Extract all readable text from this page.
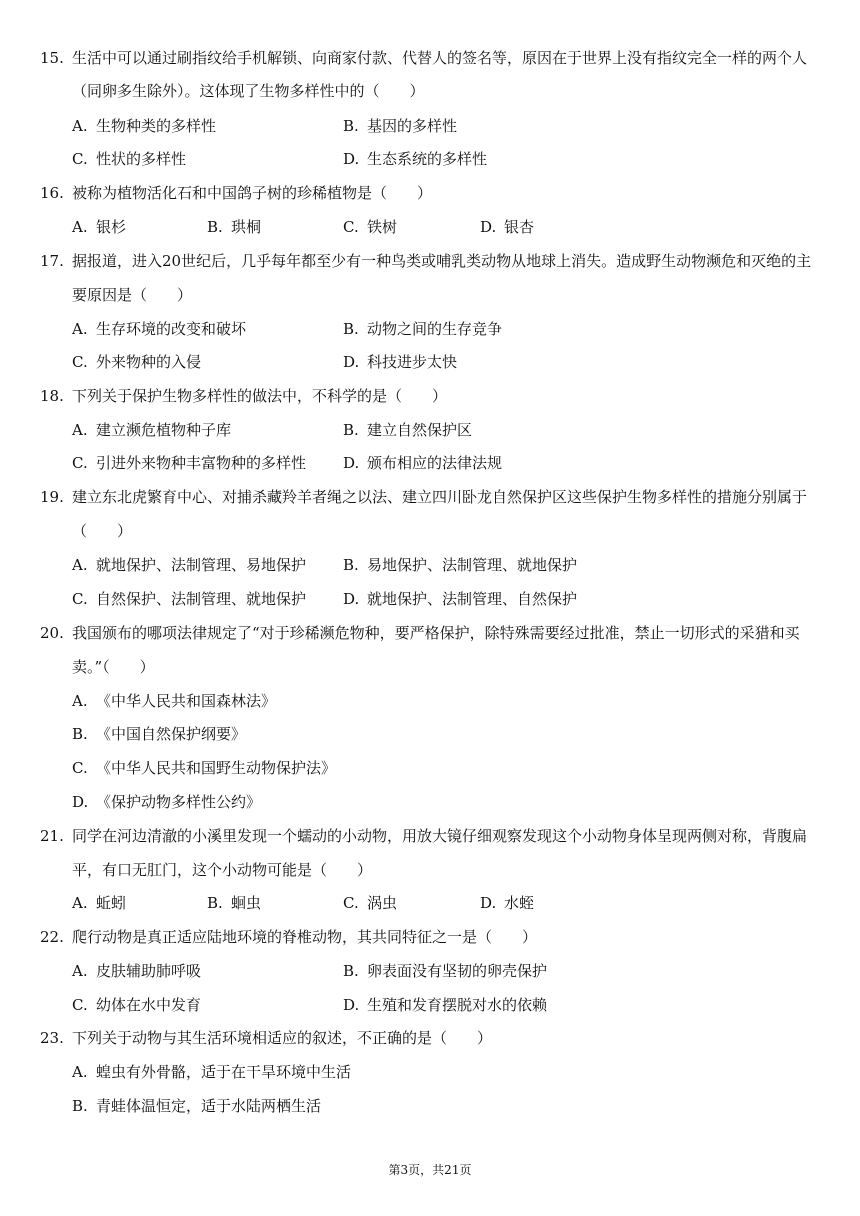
15. 生活中可以通过刷指纹给手机解锁、向商家付款、代替人的签名等，原因在于世界上没有指纹完全一样的两个人
（同卵多生除外）。这体现了生物多样性中的（　　）
A. 生物种类的多样性	B. 基因的多样性
C. 性状的多样性	D. 生态系统的多样性
16. 被称为植物活化石和中国鸽子树的珍稀植物是（　　）
A. 银杉	B. 珙桐	C. 铁树	D. 银杏
17. 据报道，进入20世纪后，几乎每年都至少有一种鸟类或哺乳类动物从地球上消失。造成野生动物濒危和灭绝的主
要原因是（　　）
A. 生存环境的改变和破坏	B. 动物之间的生存竞争
C. 外来物种的入侵	D. 科技进步太快
18. 下列关于保护生物多样性的做法中，不科学的是（　　）
A. 建立濒危植物种子库	B. 建立自然保护区
C. 引进外来物种丰富物种的多样性 D. 颁布相应的法律法规
19. 建立东北虎繁育中心、对捕杀藏羚羊者绳之以法、建立四川卧龙自然保护区这些保护生物多样性的措施分别属于
（　　）
A. 就地保护、法制管理、易地保护 B. 易地保护、法制管理、就地保护
C. 自然保护、法制管理、就地保护 D. 就地保护、法制管理、自然保护
20. 我国颁布的哪项法律规定了“对于珍稀濒危物种，要严格保护，除特殊需要经过批准，禁止一切形式的采猎和买
卖。”（　　）
A. 《中华人民共和国森林法》
B. 《中国自然保护纲要》
C. 《中华人民共和国野生动物保护法》
D. 《保护动物多样性公约》
21. 同学在河边清澈的小溪里发现一个蠕动的小动物，用放大镜仔细观察发现这个小动物身体呈现两侧对称，背腹扁
平，有口无肛门，这个小动物可能是（　　）
A. 蚯蚓	B. 蛔虫	C. 涡虫	D. 水蛭
22. 爬行动物是真正适应陆地环境的脊椎动物，其共同特征之一是（　　）
A. 皮肤辅助肺呼吸	B. 卵表面没有坚韧的卵壳保护
C. 幼体在水中发育	D. 生殖和发育摆脱对水的依赖
23. 下列关于动物与其生活环境相适应的叙述，不正确的是（　　）
A. 蝗虫有外骨骼，适于在干旱环境中生活
B. 青蛙体温恒定，适于水陆两栖生活
第3页，共21页
